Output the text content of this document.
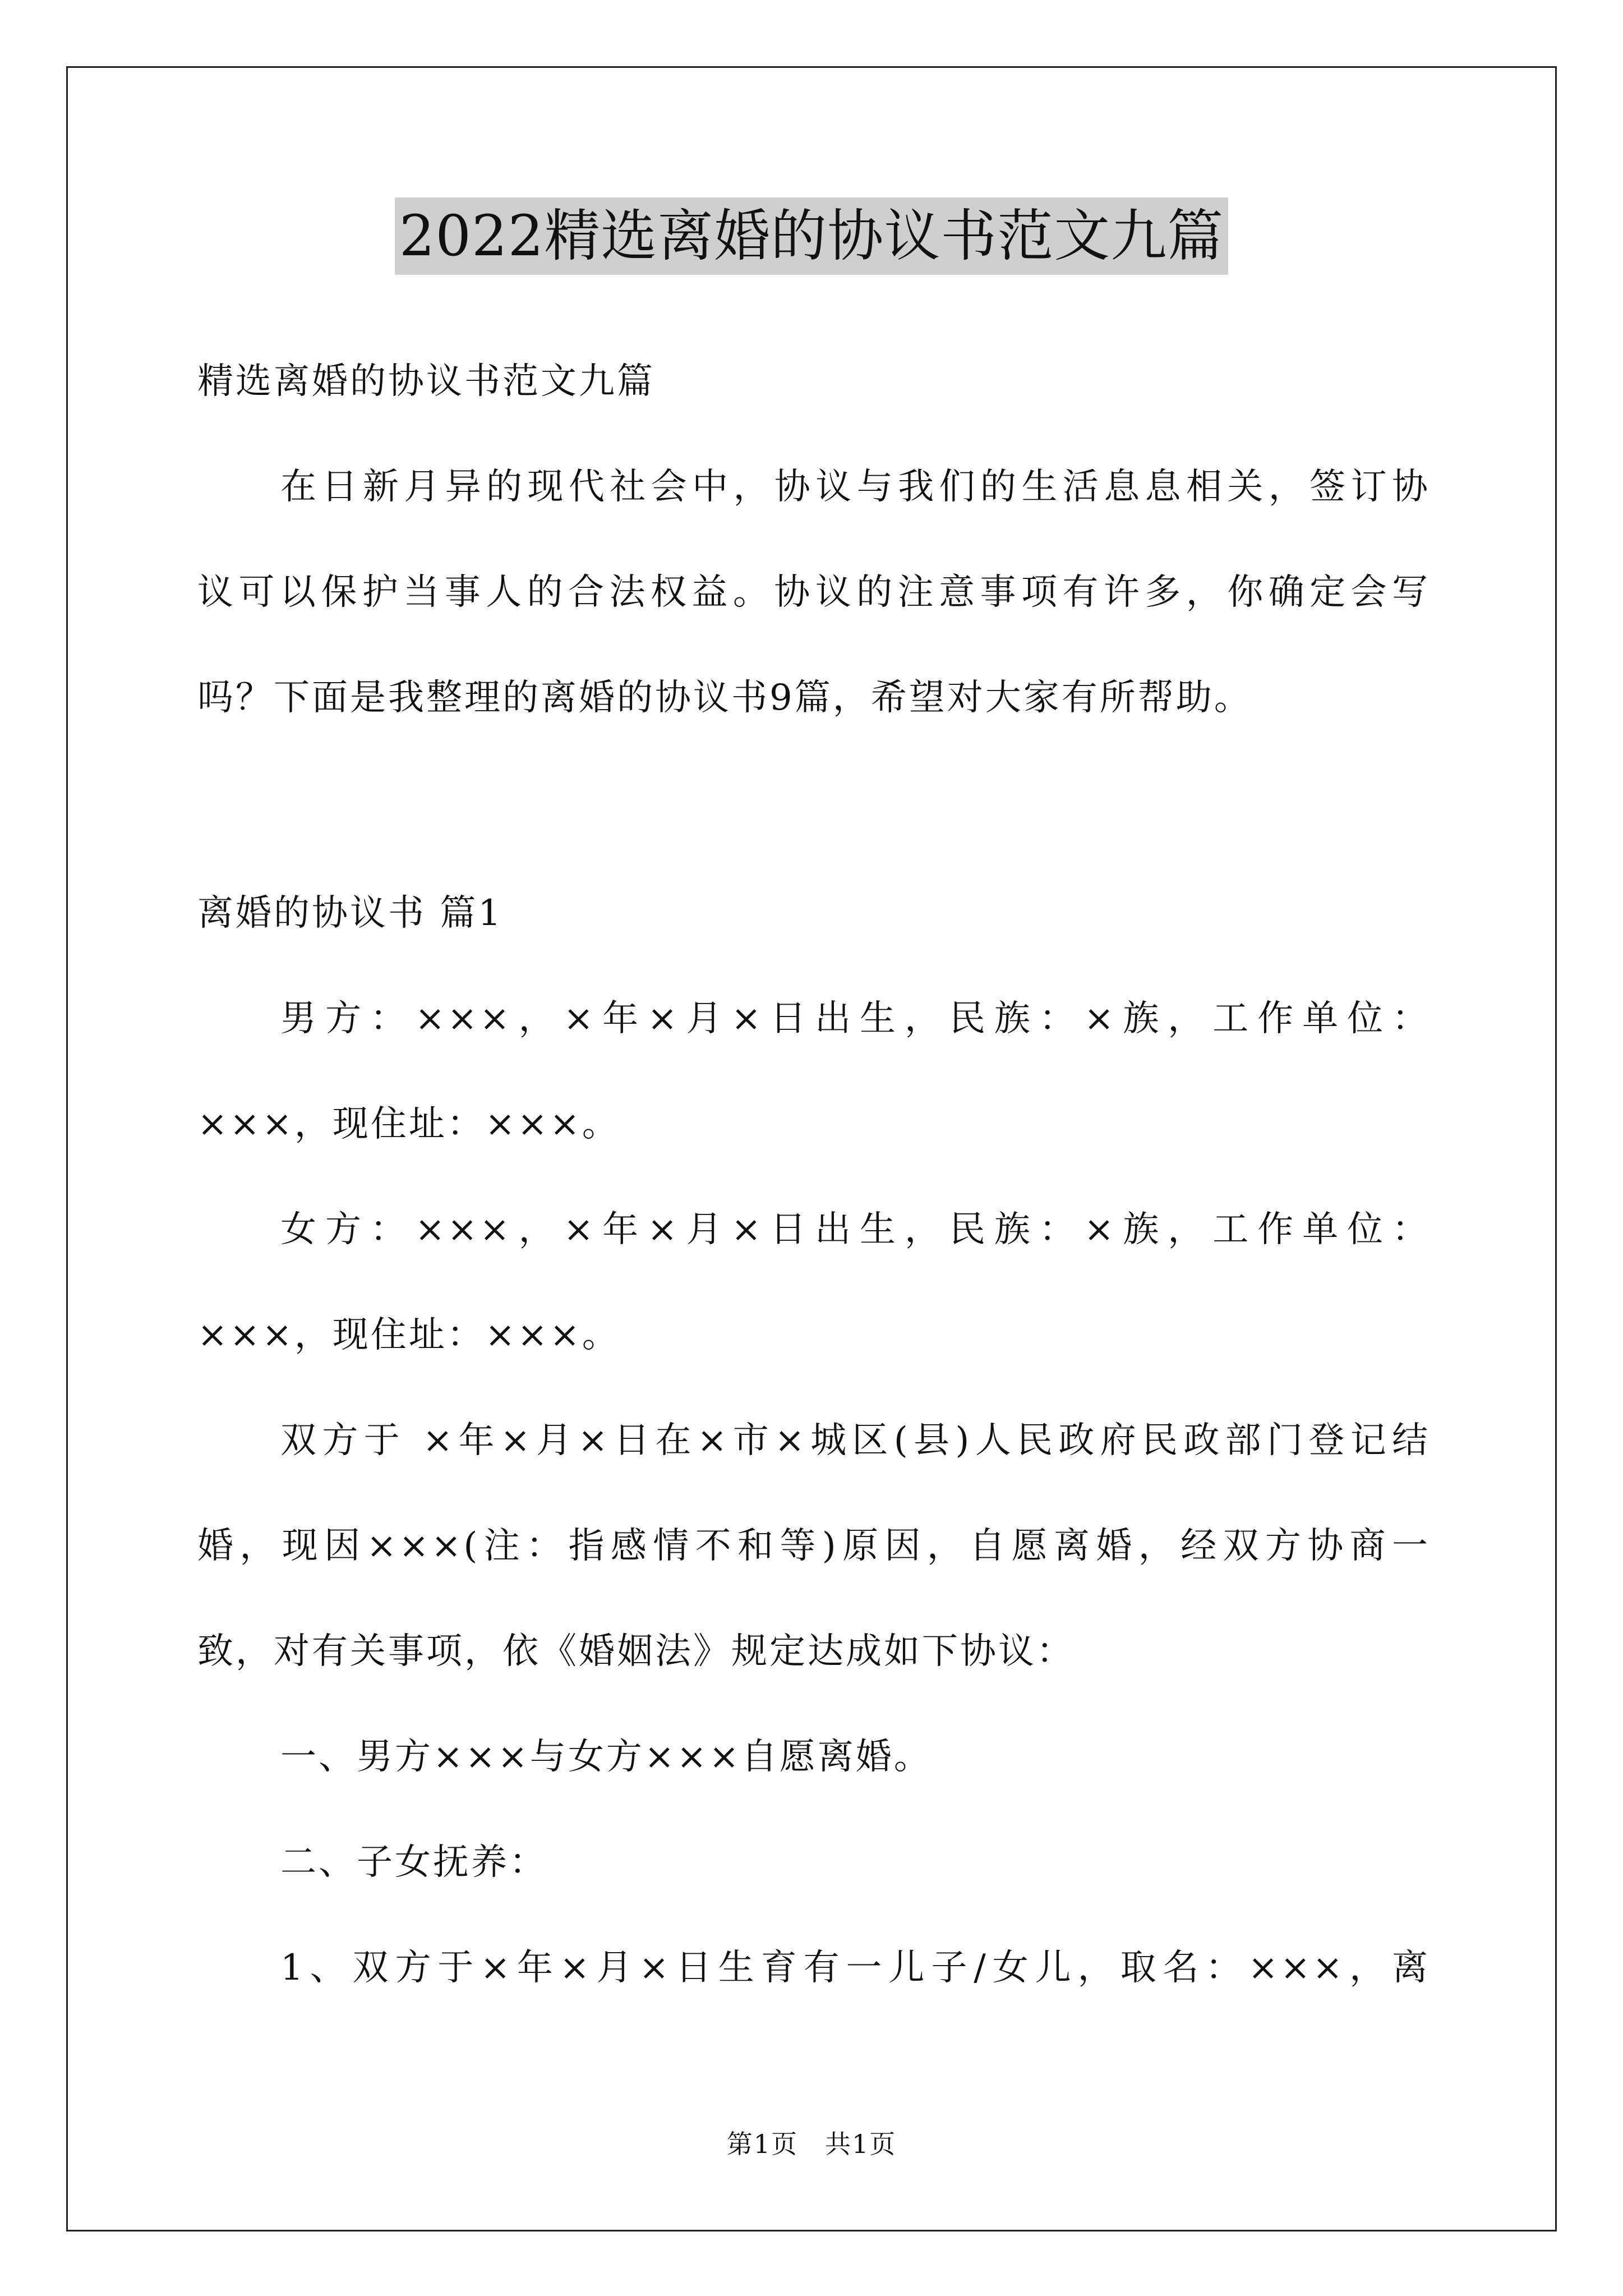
2022精选离婚的协议书范文九篇
精选离婚的协议书范文九篇
在日新月异的现代社会中，协议与我们的生活息息相关，签订协
议可以保护当事人的合法权益。协议的注意事项有许多，你确定会写
吗？下面是我整理的离婚的协议书9篇，希望对大家有所帮助。
离婚的协议书 篇1
男方：×××，×年×月×日出生，民族：×族，工作单位：
×××，现住址：×××。
女方：×××，×年×月×日出生，民族：×族，工作单位：
×××，现住址：×××。
双方于 ×年×月×日在×市×城区(县)人民政府民政部门登记结
婚，现因×××(注：指感情不和等)原因，自愿离婚，经双方协商一
致，对有关事项，依《婚姻法》规定达成如下协议：
一、男方×××与女方×××自愿离婚。
二、子女抚养：
1、双方于×年×月×日生育有一儿子/女儿，取名：×××，离
第1页　共1页
